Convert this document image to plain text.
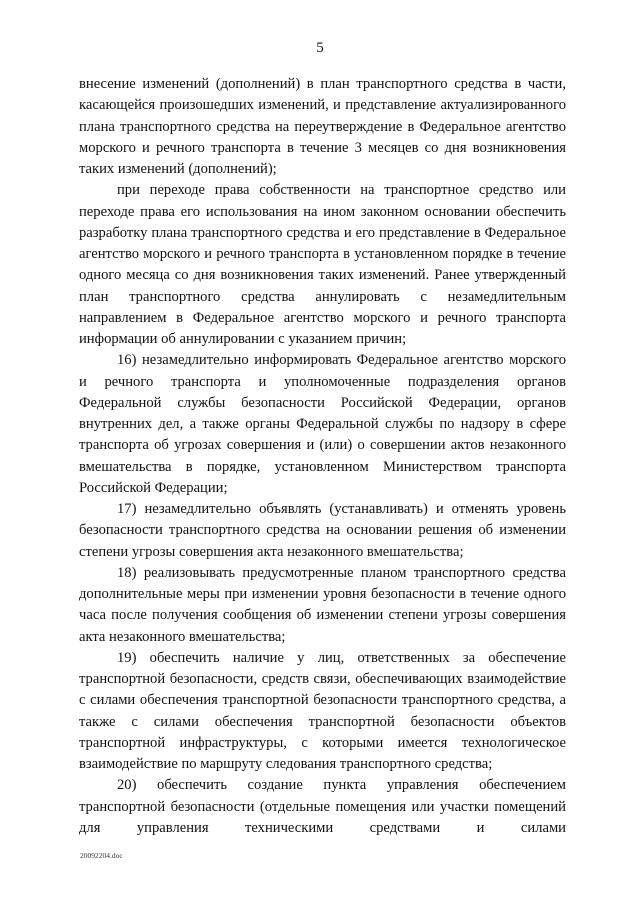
5

внесение изменений (дополнений) в план транспортного средства в части, касающейся произошедших изменений, и представление актуализированного плана транспортного средства на переутверждение в Федеральное агентство морского и речного транспорта в течение 3 месяцев со дня возникновения таких изменений (дополнений);

при переходе права собственности на транспортное средство или переходе права его использования на ином законном основании обеспечить разработку плана транспортного средства и его представление в Федеральное агентство морского и речного транспорта в установленном порядке в течение одного месяца со дня возникновения таких изменений. Ранее утвержденный план транспортного средства аннулировать с незамедлительным направлением в Федеральное агентство морского и речного транспорта информации об аннулировании с указанием причин;

16) незамедлительно информировать Федеральное агентство морского и речного транспорта и уполномоченные подразделения органов Федеральной службы безопасности Российской Федерации, органов внутренних дел, а также органы Федеральной службы по надзору в сфере транспорта об угрозах совершения и (или) о совершении актов незаконного вмешательства в порядке, установленном Министерством транспорта Российской Федерации;

17) незамедлительно объявлять (устанавливать) и отменять уровень безопасности транспортного средства на основании решения об изменении степени угрозы совершения акта незаконного вмешательства;

18) реализовывать предусмотренные планом транспортного средства дополнительные меры при изменении уровня безопасности в течение одного часа после получения сообщения об изменении степени угрозы совершения акта незаконного вмешательства;

19) обеспечить наличие у лиц, ответственных за обеспечение транспортной безопасности, средств связи, обеспечивающих взаимодействие с силами обеспечения транспортной безопасности транспортного средства, а также с силами обеспечения транспортной безопасности объектов транспортной инфраструктуры, с которыми имеется технологическое взаимодействие по маршруту следования транспортного средства;

20) обеспечить создание пункта управления обеспечением транспортной безопасности (отдельные помещения или участки помещений для управления техническими средствами и силами

20092204.doc
